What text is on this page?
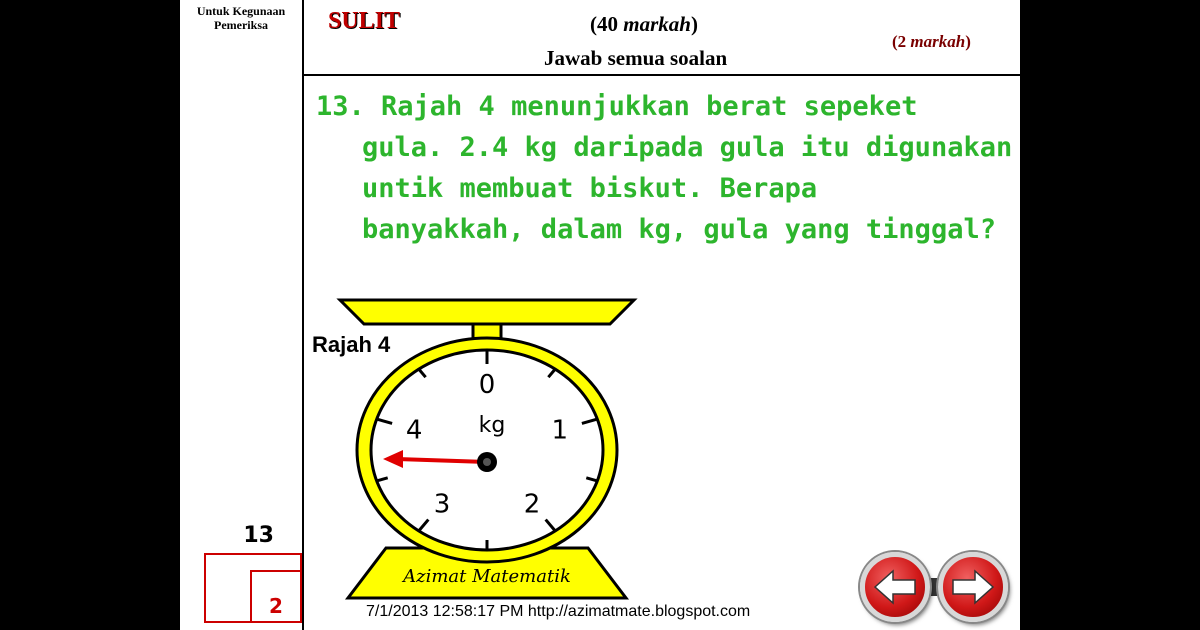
Untuk Kegunaan
Pemeriksa
13
2
SULIT	(40 markah)
Jawab semua soalan
(2 markah)
13. Rajah 4 menunjukkan berat sepeket
gula. 2.4 kg daripada gula itu digunakan
untik membuat biskut. Berapa
banyakkah, dalam kg, gula yang tinggal?
Rajah 4
0
1
2
3
4	kg
Azimat Matematik
7/1/2013 12:58:17 PM http://azimatmate.blogspot.com
